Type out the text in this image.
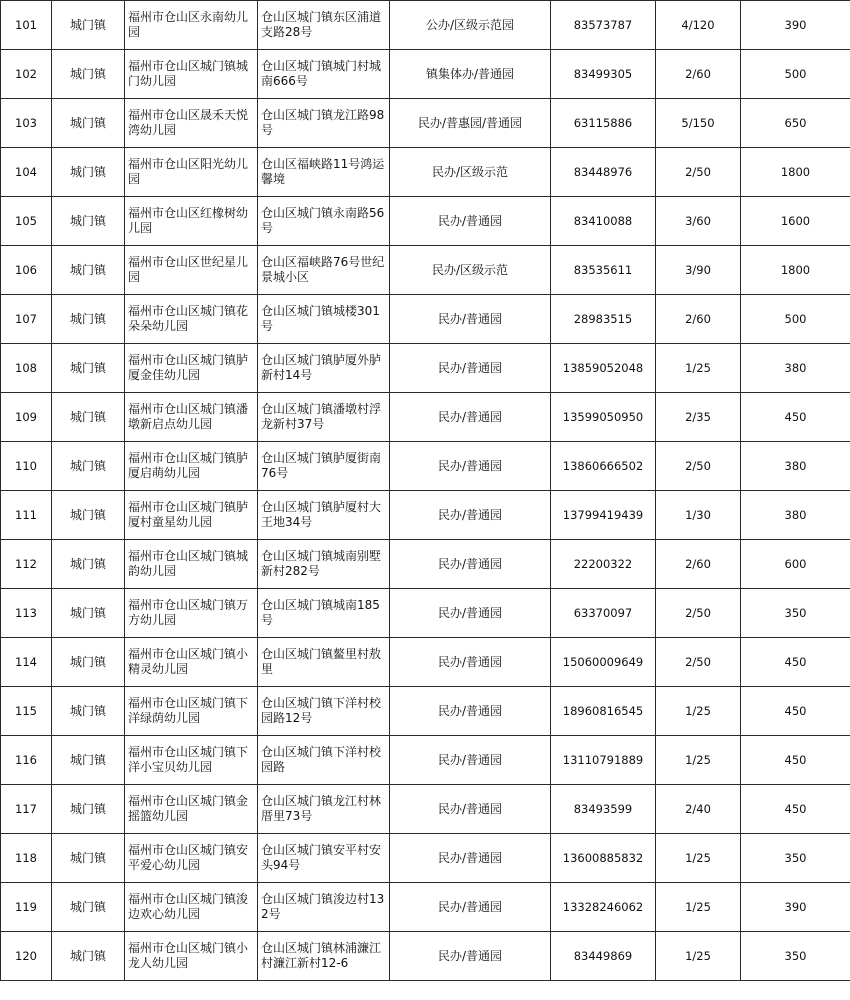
101	城门镇	福州市仓山区永南幼儿园	仓山区城门镇东区浦道支路28号	公办/区级示范园	83573787	4/120	390
102	城门镇	福州市仓山区城门镇城门幼儿园	仓山区城门镇城门村城南666号	镇集体办/普通园	83499305	2/60	500
103	城门镇	福州市仓山区晟禾天悦湾幼儿园	仓山区城门镇龙江路98号	民办/普惠园/普通园	63115886	5/150	650
104	城门镇	福州市仓山区阳光幼儿园	仓山区福峡路11号鸿运馨境	民办/区级示范	83448976	2/50	1800
105	城门镇	福州市仓山区红橡树幼儿园	仓山区城门镇永南路56号	民办/普通园	83410088	3/60	1600
106	城门镇	福州市仓山区世纪星儿园	仓山区福峡路76号世纪景城小区	民办/区级示范	83535611	3/90	1800
107	城门镇	福州市仓山区城门镇花朵朵幼儿园	仓山区城门镇城楼301号	民办/普通园	28983515	2/60	500
108	城门镇	福州市仓山区城门镇胪厦金佳幼儿园	仓山区城门镇胪厦外胪新村14号	民办/普通园	13859052048	1/25	380
109	城门镇	福州市仓山区城门镇潘墩新启点幼儿园	仓山区城门镇潘墩村浮龙新村37号	民办/普通园	13599050950	2/35	450
110	城门镇	福州市仓山区城门镇胪厦启萌幼儿园	仓山区城门镇胪厦街南76号	民办/普通园	13860666502	2/50	380
111	城门镇	福州市仓山区城门镇胪厦村童星幼儿园	仓山区城门镇胪厦村大王地34号	民办/普通园	13799419439	1/30	380
112	城门镇	福州市仓山区城门镇城韵幼儿园	仓山区城门镇城南别墅新村282号	民办/普通园	22200322	2/60	600
113	城门镇	福州市仓山区城门镇万方幼儿园	仓山区城门镇城南185号	民办/普通园	63370097	2/50	350
114	城门镇	福州市仓山区城门镇小精灵幼儿园	仓山区城门镇鳌里村敖里	民办/普通园	15060009649	2/50	450
115	城门镇	福州市仓山区城门镇下洋绿荫幼儿园	仓山区城门镇下洋村校园路12号	民办/普通园	18960816545	1/25	450
116	城门镇	福州市仓山区城门镇下洋小宝贝幼儿园	仓山区城门镇下洋村校园路	民办/普通园	13110791889	1/25	450
117	城门镇	福州市仓山区城门镇金摇篮幼儿园	仓山区城门镇龙江村林厝里73号	民办/普通园	83493599	2/40	450
118	城门镇	福州市仓山区城门镇安平爱心幼儿园	仓山区城门镇安平村安头94号	民办/普通园	13600885832	1/25	350
119	城门镇	福州市仓山区城门镇浚边欢心幼儿园	仓山区城门镇浚边村132号	民办/普通园	13328246062	1/25	390
120	城门镇	福州市仓山区城门镇小龙人幼儿园	仓山区城门镇林浦濂江村濂江新村12-6	民办/普通园	83449869	1/25	350
